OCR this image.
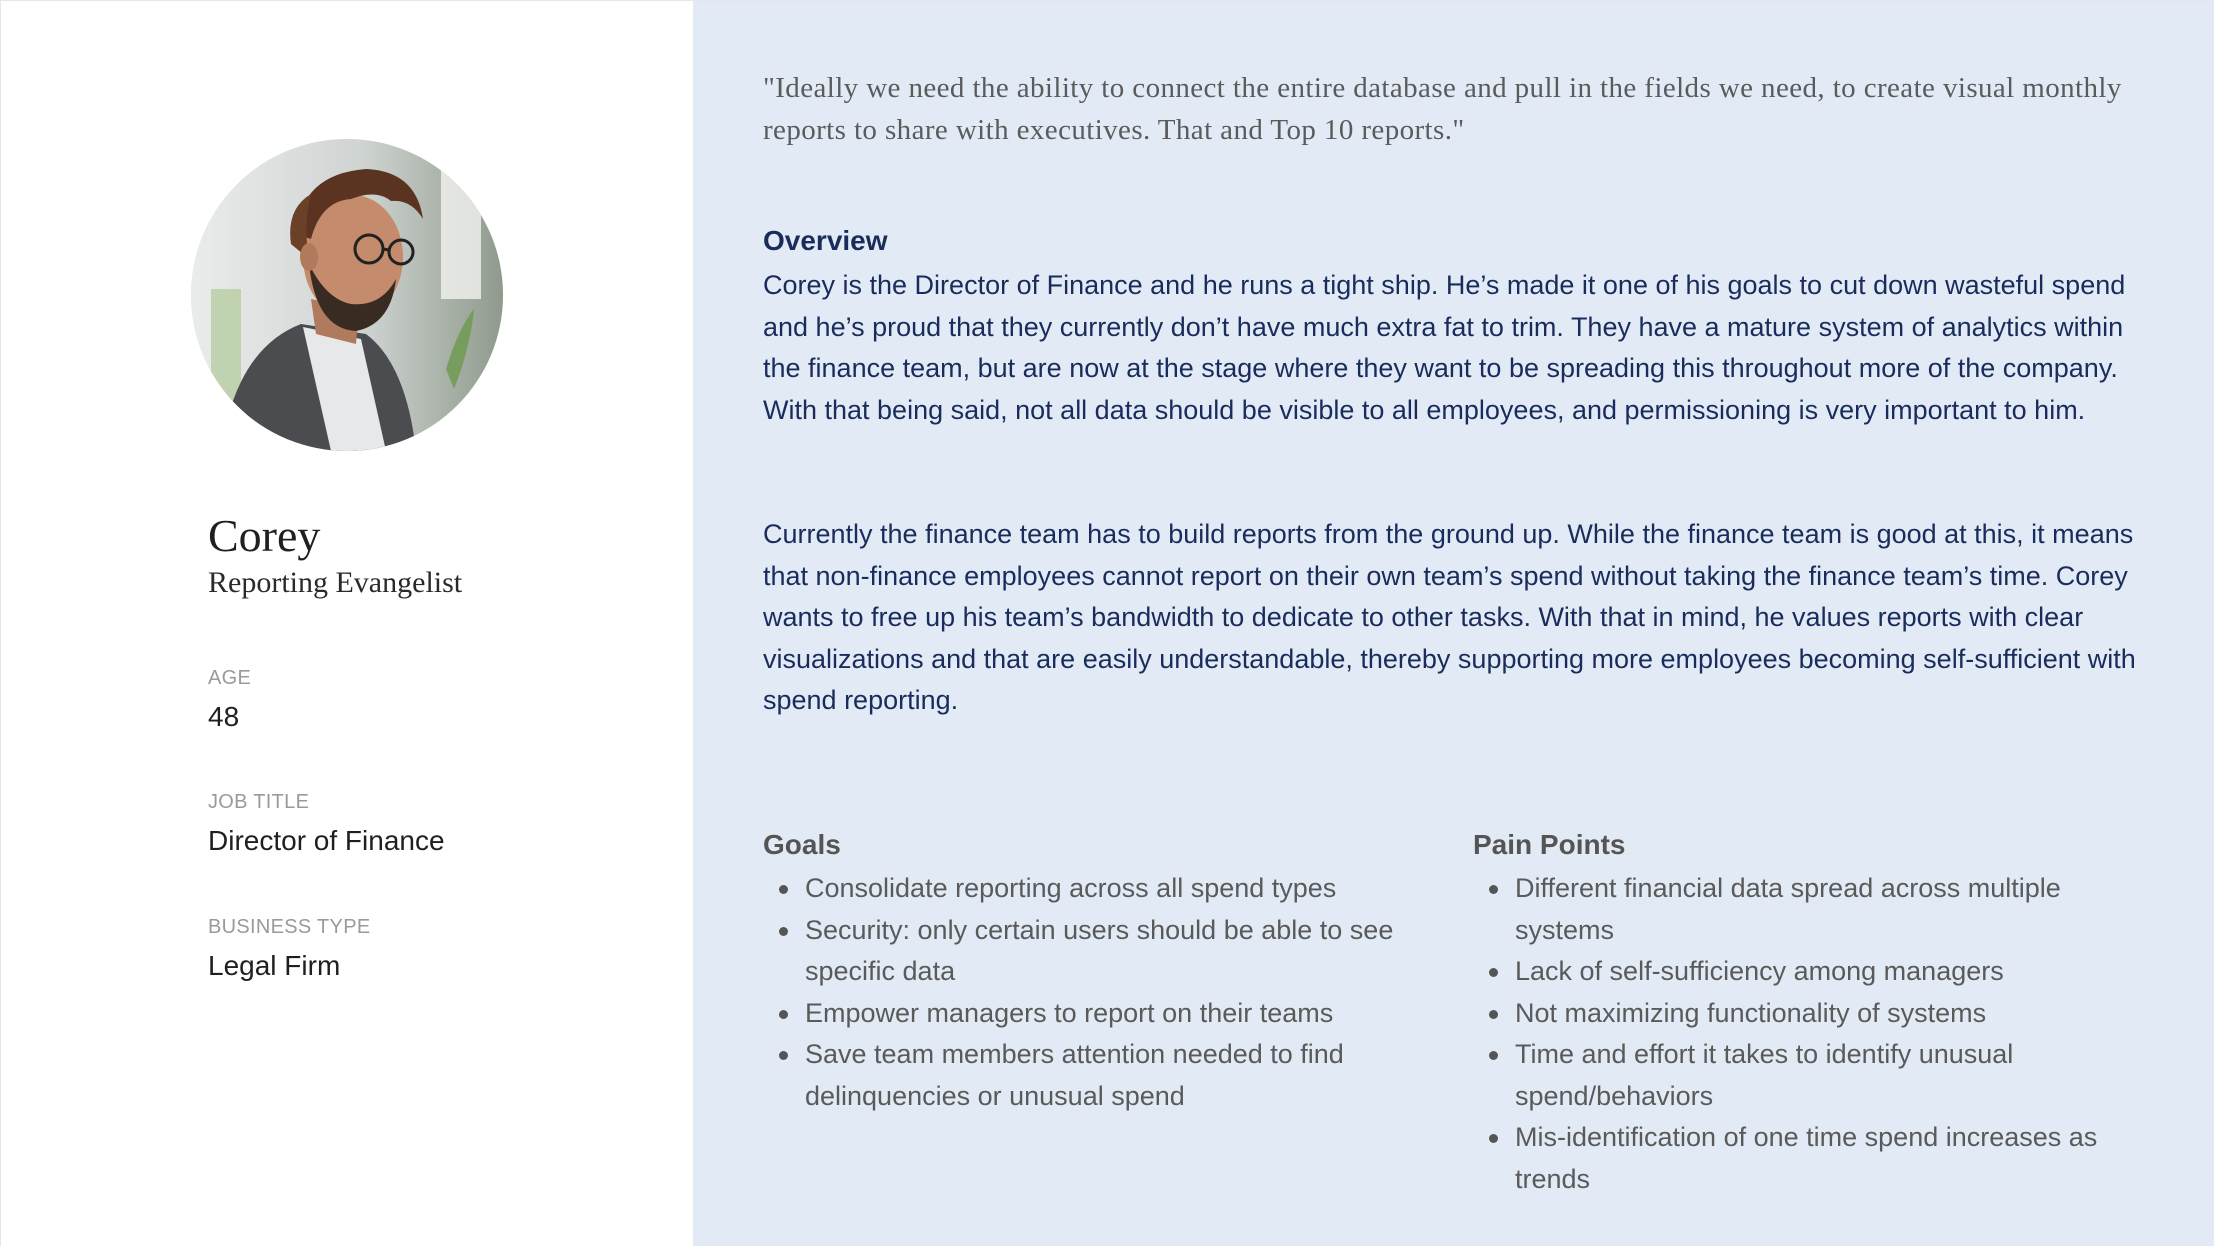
Corey
Reporting Evangelist
AGE
48
JOB TITLE
Director of Finance
BUSINESS TYPE
Legal Firm

"Ideally we need the ability to connect the entire database and pull in the fields we need, to create visual monthly reports to share with executives. That and Top 10 reports."

Overview

Corey is the Director of Finance and he runs a tight ship. He’s made it one of his goals to cut down wasteful spend and he’s proud that they currently don’t have much extra fat to trim. They have a mature system of analytics within the finance team, but are now at the stage where they want to be spreading this throughout more of the company. With that being said, not all data should be visible to all employees, and permissioning is very important to him.

Currently the finance team has to build reports from the ground up. While the finance team is good at this, it means that non-finance employees cannot report on their own team’s spend without taking the finance team’s time. Corey wants to free up his team’s bandwidth to dedicate to other tasks. With that in mind, he values reports with clear visualizations and that are easily understandable, thereby supporting more employees becoming self-sufficient with spend reporting.

Goals
Consolidate reporting across all spend types
Security: only certain users should be able to see specific data
Empower managers to report on their teams
Save team members attention needed to find delinquencies or unusual spend
Pain Points
Different financial data spread across multiple systems
Lack of self-sufficiency among managers
Not maximizing functionality of systems
Time and effort it takes to identify unusual spend/behaviors
Mis-identification of one time spend increases as trends
